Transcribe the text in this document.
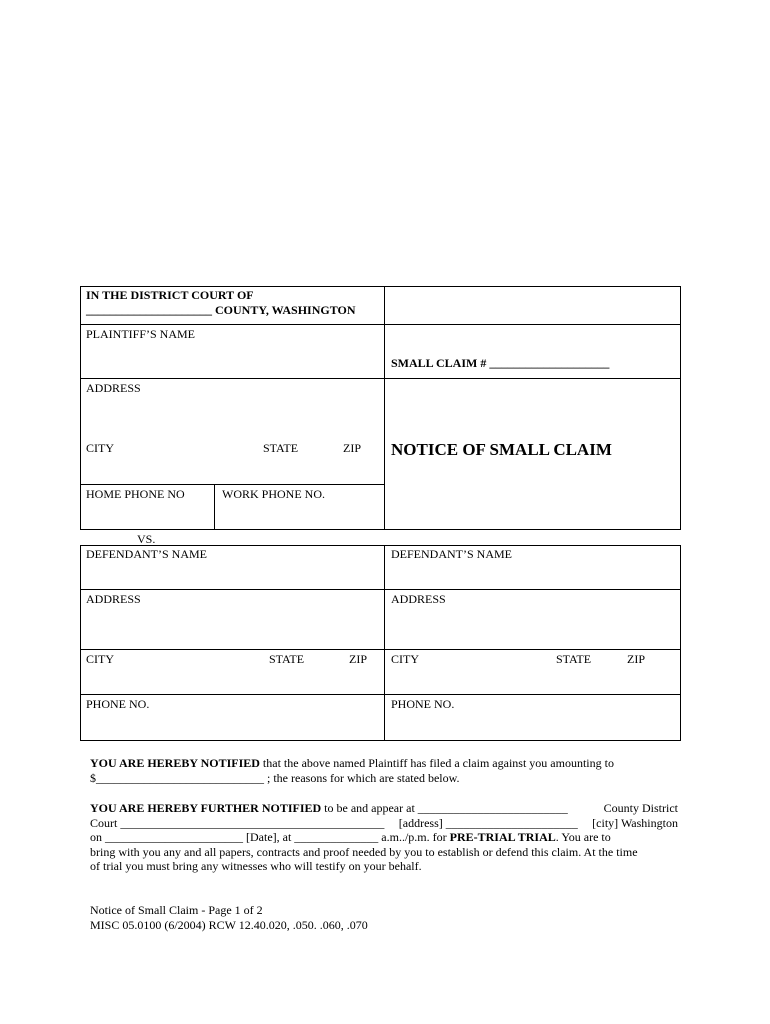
IN THE DISTRICT COURT OF
_____________________ COUNTY, WASHINGTON
PLAINTIFF’S NAME
SMALL CLAIM # ____________________
ADDRESS
CITY	STATE	ZIP NOTICE OF SMALL CLAIM
HOME PHONE NO	WORK PHONE NO.
VS.
DEFENDANT’S NAME	DEFENDANT’S NAME
ADDRESS	ADDRESS
CITY	STATE	ZIP CITY	STATE	ZIP
PHONE NO.	PHONE NO.
YOU ARE HEREBY NOTIFIED that the above named Plaintiff has filed a claim against you amounting to
$____________________________ ; the reasons for which are stated below.
YOU ARE HEREBY FURTHER NOTIFIED to be and appear at _________________________	County District
Court ____________________________________________ [address] ______________________ [city] Washington
on _______________________ [Date], at ______________ a.m../p.m. for PRE-TRIAL TRIAL. You are to
bring with you any and all papers, contracts and proof needed by you to establish or defend this claim. At the time
of trial you must bring any witnesses who will testify on your behalf.
Notice of Small Claim - Page 1 of 2
MISC 05.0100 (6/2004) RCW 12.40.020, .050. .060, .070
